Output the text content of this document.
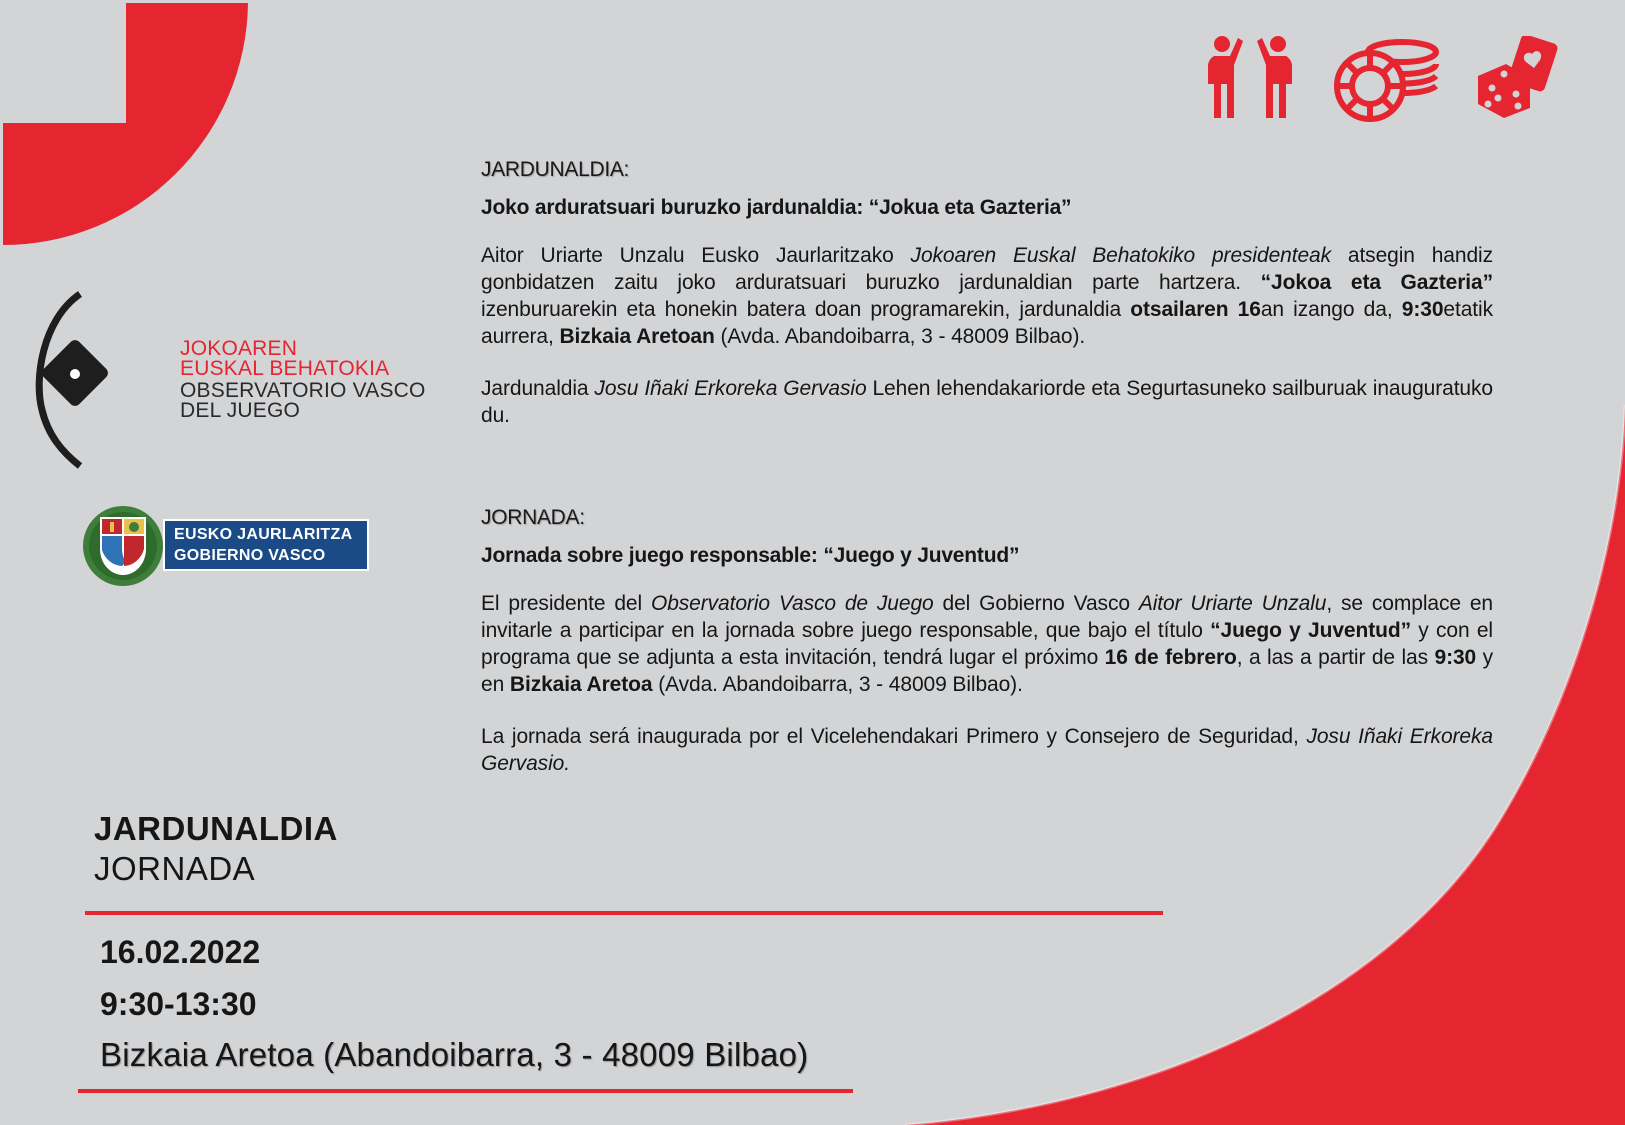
JOKOAREN
EUSKAL BEHATOKIA
OBSERVATORIO VASCO
DEL JUEGO
EUSKO JAURLARITZA
GOBIERNO VASCO
JARDUNALDIA:
Joko arduratsuari buruzko jardunaldia: “Jokua eta Gazteria”
Aitor Uriarte Unzalu Eusko Jaurlaritzako Jokoaren Euskal Behatokiko presidenteak atsegin handiz gonbidatzen zaitu joko arduratsuari buruzko jardunaldian parte hartzera. “Jokoa eta Gazteria” izenburuarekin eta honekin batera doan programarekin, jardunaldia otsailaren 16an izango da, 9:30etatik aurrera, Bizkaia Aretoan (Avda. Abandoibarra, 3 - 48009 Bilbao).
Jardunaldia Josu Iñaki Erkoreka Gervasio Lehen lehendakariorde eta Segurtasuneko sailburuak inauguratuko du.
JORNADA:
Jornada sobre juego responsable: “Juego y Juventud”
El presidente del Observatorio Vasco de Juego del Gobierno Vasco Aitor Uriarte Unzalu, se complace en invitarle a participar en la jornada sobre juego responsable, que bajo el título “Juego y Juventud” y con el programa que se adjunta a esta invitación, tendrá lugar el próximo 16 de febrero, a las a partir de las 9:30 y en Bizkaia Aretoa (Avda. Abandoibarra, 3 - 48009 Bilbao).
La jornada será inaugurada por el Vicelehendakari Primero y Consejero de Seguridad, Josu Iñaki Erkoreka Gervasio.
JARDUNALDIA
JORNADA
16.02.2022
9:30-13:30
Bizkaia Aretoa (Abandoibarra, 3 - 48009 Bilbao)
